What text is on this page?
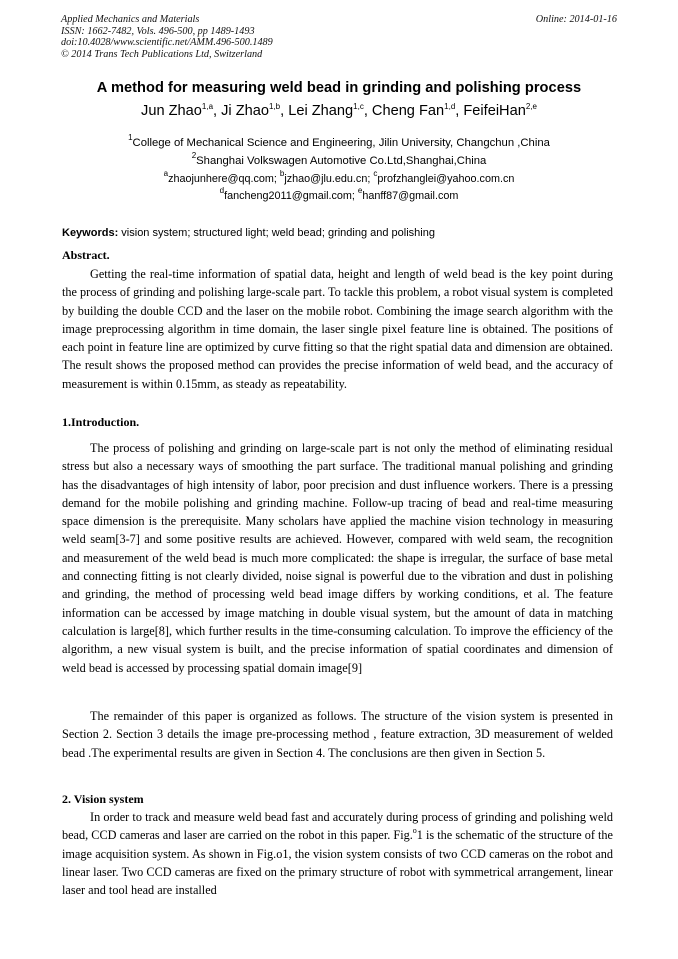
Applied Mechanics and Materials
ISSN: 1662-7482, Vols. 496-500, pp 1489-1493
doi:10.4028/www.scientific.net/AMM.496-500.1489
© 2014 Trans Tech Publications Ltd, Switzerland
Online: 2014-01-16
A method for measuring weld bead in grinding and polishing process
Jun Zhao$^{1,a}$, Ji Zhao$^{1,b}$, Lei Zhang$^{1,c}$, Cheng Fan$^{1,d}$, FeifeiHan$^{2,e}$
$^1$College of Mechanical Science and Engineering, Jilin University, Changchun ,China
$^2$Shanghai Volkswagen Automotive Co.Ltd,Shanghai,China
$^a$zhaojunhere@qq.com; $^b$jzhao@jlu.edu.cn; $^c$profzhanglei@yahoo.com.cn
$^d$fancheng2011@gmail.com; $^e$hanff87@gmail.com
Keywords: vision system; structured light; weld bead; grinding and polishing
Abstract.

Getting the real-time information of spatial data, height and length of weld bead is the key point during the process of grinding and polishing large-scale part. To tackle this problem, a robot visual system is completed by building the double CCD and the laser on the mobile robot. Combining the image search algorithm with the image preprocessing algorithm in time domain, the laser single pixel feature line is obtained. The positions of each point in feature line are optimized by curve fitting so that the right spatial data and dimension are obtained. The result shows the proposed method can provides the precise information of weld bead, and the accuracy of measurement is within 0.15mm, as steady as repeatability.

1.Introduction.

The process of polishing and grinding on large-scale part is not only the method of eliminating residual stress but also a necessary ways of smoothing the part surface. The traditional manual polishing and grinding has the disadvantages of high intensity of labor, poor precision and dust influence workers. There is a pressing demand for the mobile polishing and grinding machine. Follow-up tracing of bead and real-time measuring space dimension is the prerequisite. Many scholars have applied the machine vision technology in measuring weld seam[3-7] and some positive results are achieved. However, compared with weld seam, the recognition and measurement of the weld bead is much more complicated: the shape is irregular, the surface of base metal and connecting fitting is not clearly divided, noise signal is powerful due to the vibration and dust in polishing and grinding, the method of processing weld bead image differs by working conditions, et al. The feature information can be accessed by image matching in double visual system, but the amount of data in matching calculation is large[8], which further results in the time-consuming calculation. To improve the efficiency of the algorithm, a new visual system is built, and the precise information of spatial coordinates and dimension of weld bead is accessed by processing spatial domain image[9]

The remainder of this paper is organized as follows. The structure of the vision system is presented in Section 2. Section 3 details the image pre-processing method , feature extraction, 3D measurement of welded bead .The experimental results are given in Section 4. The conclusions are then given in Section 5.

2. Vision system

In order to track and measure weld bead fast and accurately during process of grinding and polishing weld bead, CCD cameras and laser are carried on the robot in this paper. Fig.$^o$1 is the schematic of the structure of the image acquisition system. As shown in Fig.o1, the vision system consists of two CCD cameras on the robot and linear laser. Two CCD cameras are fixed on the primary structure of robot with symmetrical arrangement, linear laser and tool head are installed
